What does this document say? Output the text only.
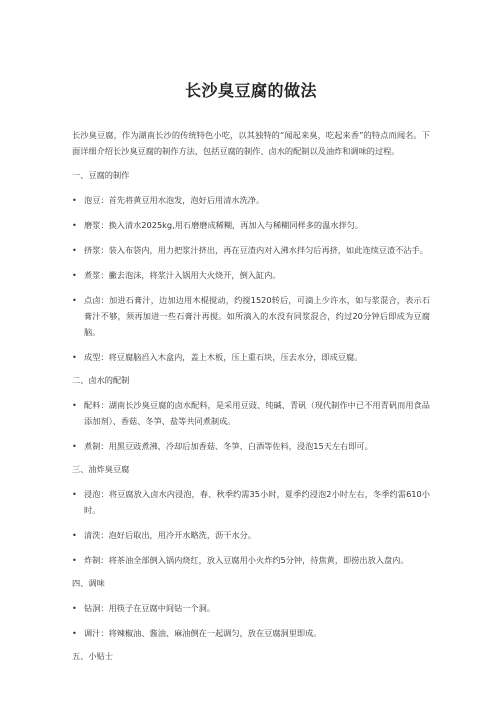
长沙臭豆腐的做法

长沙臭豆腐，作为湖南长沙的传统特色小吃，以其独特的“闻起来臭，吃起来香”的特点而闻名。下面详细介绍长沙臭豆腐的制作方法，包括豆腐的制作、卤水的配制以及油炸和调味的过程。

一、豆腐的制作
• 泡豆：首先将黄豆用水泡发，泡好后用清水洗净。
• 磨浆：换入清水2025kg,用石磨磨成稀糊，再加入与稀糊同样多的温水拌匀。
• 挤浆：装入布袋内，用力把浆汁挤出，再在豆渣内对入沸水拌匀后再挤，如此连续豆渣不沾手。
• 煮浆：撇去泡沫，将浆汁入锅用大火烧开，倒入缸内。
• 点卤：加进石膏汁，边加边用木棍搅动，约搅1520转后，可滴上少许水，如与浆混合，表示石膏汁不够，须再加进一些石膏汁再搅。如所滴入的水没有同浆混合，约过20分钟后即成为豆腐脑。
• 成型：将豆腐脑舀入木盒内，盖上木板，压上重石块，压去水分，即成豆腐。
二、卤水的配制
• 配料：湖南长沙臭豆腐的卤水配料，是采用豆豉、纯碱、青矾（现代制作中已不用青矾而用食品添加剂）、香菇、冬笋、盐等共同煮制成。
• 煮制：用黑豆豉煮沸，冷却后加香菇、冬笋、白酒等佐料，浸泡15天左右即可。
三、油炸臭豆腐
• 浸泡：将豆腐放入卤水内浸泡，春、秋季约需35小时，夏季约浸泡2小时左右，冬季约需610小时。
• 清洗：泡好后取出，用冷开水略洗，沥干水分。
• 炸制：将茶油全部倒入锅内烧红，放入豆腐用小火炸约5分钟，待焦黄，即捞出放入盘内。
四、调味
• 钻洞：用筷子在豆腐中间钻一个洞。
• 调汁：将辣椒油、酱油、麻油倒在一起调匀，放在豆腐洞里即成。
五、小贴士
